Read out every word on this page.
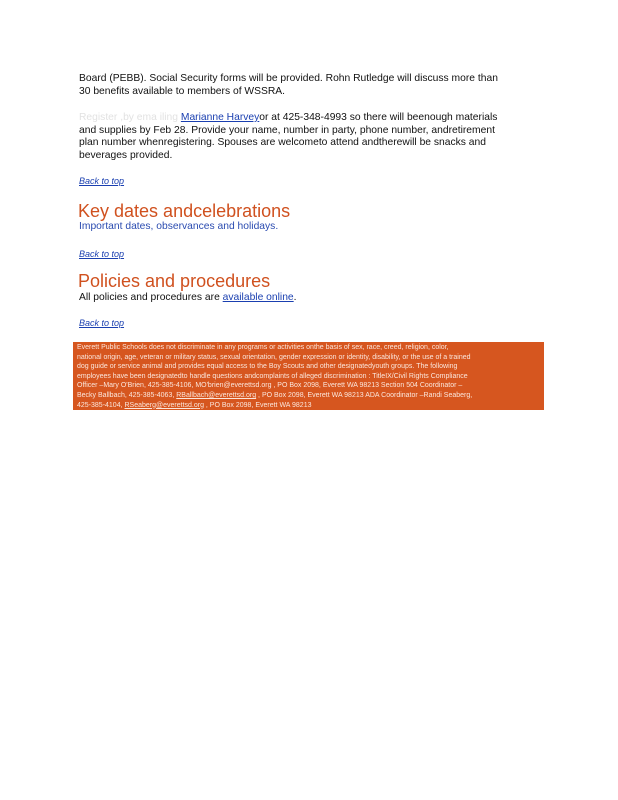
Board (PEBB). Social Security forms will be provided. Rohn Rutledge will discuss more than
30 benefits available to members of WSSRA.
Register ,by ema iling Marianne Harveyor at 425-348-4993 so there will beenough materials
and supplies by Feb 28. Provide your name, number in party, phone number, andretirement
plan number whenregistering. Spouses are welcometo attend andtherewill be snacks and
beverages provided.
Back to top
Key dates andcelebrations
Important dates, observances and holidays.
Back to top
Policies and procedures
All policies and procedures are available online.
Back to top
Everett Public Schools does not discriminate in any programs or activities onthe basis of sex, race, creed, religion, color,
national origin, age, veteran or military status, sexual orientation, gender expression or identity, disability, or the use of a trained
dog guide or service animal and provides equal access to the Boy Scouts and other designatedyouth groups. The following
employees have been designatedto handle questions andcomplaints of alleged discrimination : TitleIX/Civil Rights Compliance
Officer –Mary O'Brien, 425-385-4106, MO'brien@everettsd.org , PO Box 2098, Everett WA 98213 Section 504 Coordinator –
Becky Ballbach, 425-385-4063, RBallbach@everettsd.org , PO Box 2098, Everett WA 98213 ADA Coordinator –Randi Seaberg,
425-385-4104, RSeaberg@everettsd.org , PO Box 2098, Everett WA 98213
